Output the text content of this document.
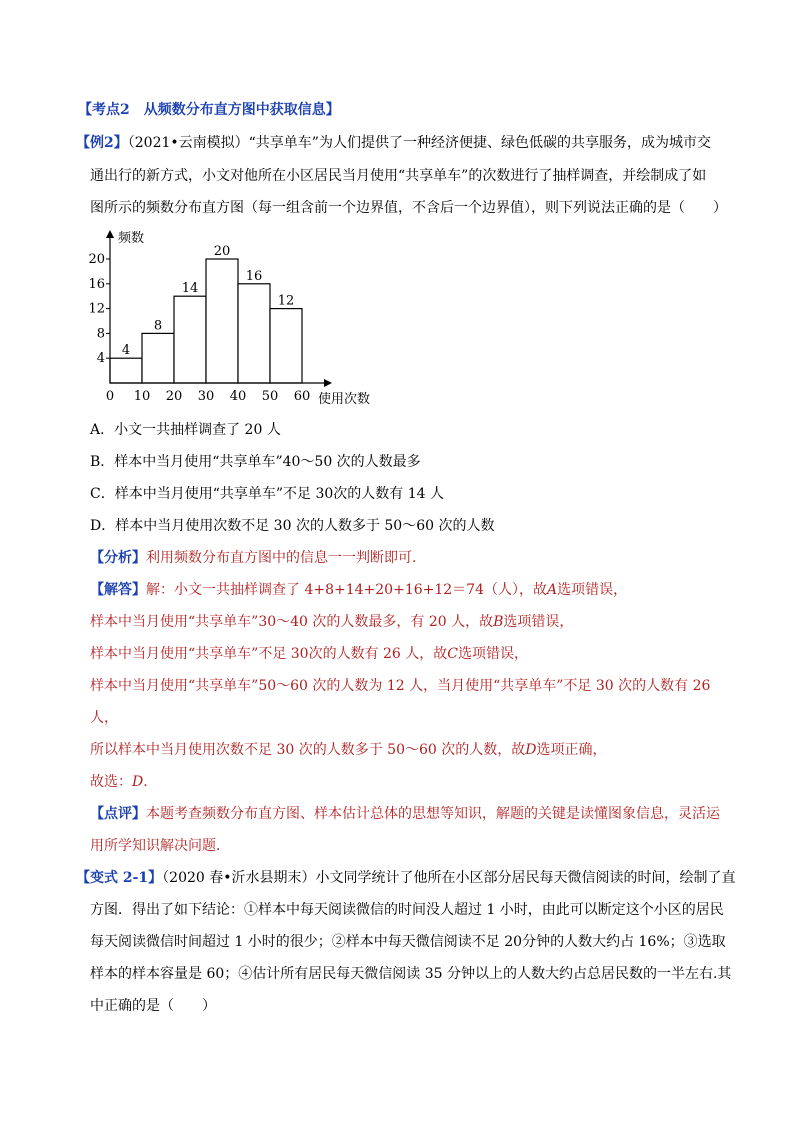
【考点2　从频数分布直方图中获取信息】
【例2】（2021•云南模拟）“共享单车”为人们提供了一种经济便捷、绿色低碳的共享服务，成为城市交
通出行的新方式，小文对他所在小区居民当月使用“共享单车”的次数进行了抽样调查，并绘制成了如
图所示的频数分布直方图（每一组含前一个边界值，不含后一个边界值），则下列说法正确的是（　　）
4
8
14
20
16
12
0 10 20 30 40 50 60
4
8
12
16
20
频数
使用次数
A．小文一共抽样调查了 20 人
B．样本中当月使用“共享单车”40～50 次的人数最多
C．样本中当月使用“共享单车”不足 30次的人数有 14 人
D．样本中当月使用次数不足 30 次的人数多于 50～60 次的人数
【分析】利用频数分布直方图中的信息一一判断即可.
【解答】解：小文一共抽样调查了 4+8+14+20+16+12＝74（人），故A选项错误，
样本中当月使用“共享单车”30～40 次的人数最多，有 20 人，故B选项错误，
样本中当月使用“共享单车”不足 30次的人数有 26 人，故C选项错误，
样本中当月使用“共享单车”50～60 次的人数为 12 人，当月使用“共享单车”不足 30 次的人数有 26
人，
所以样本中当月使用次数不足 30 次的人数多于 50～60 次的人数，故D选项正确，
故选：D.
【点评】本题考查频数分布直方图、样本估计总体的思想等知识，解题的关键是读懂图象信息，灵活运
用所学知识解决问题．
【变式 2-1】（2020 春•沂水县期末）小文同学统计了他所在小区部分居民每天微信阅读的时间，绘制了直
方图．得出了如下结论：①样本中每天阅读微信的时间没人超过 1 小时，由此可以断定这个小区的居民
每天阅读微信时间超过 1 小时的很少；②样本中每天微信阅读不足 20分钟的人数大约占 16%；③选取
样本的样本容量是 60；④估计所有居民每天微信阅读 35 分钟以上的人数大约占总居民数的一半左右.其
中正确的是（　　）
